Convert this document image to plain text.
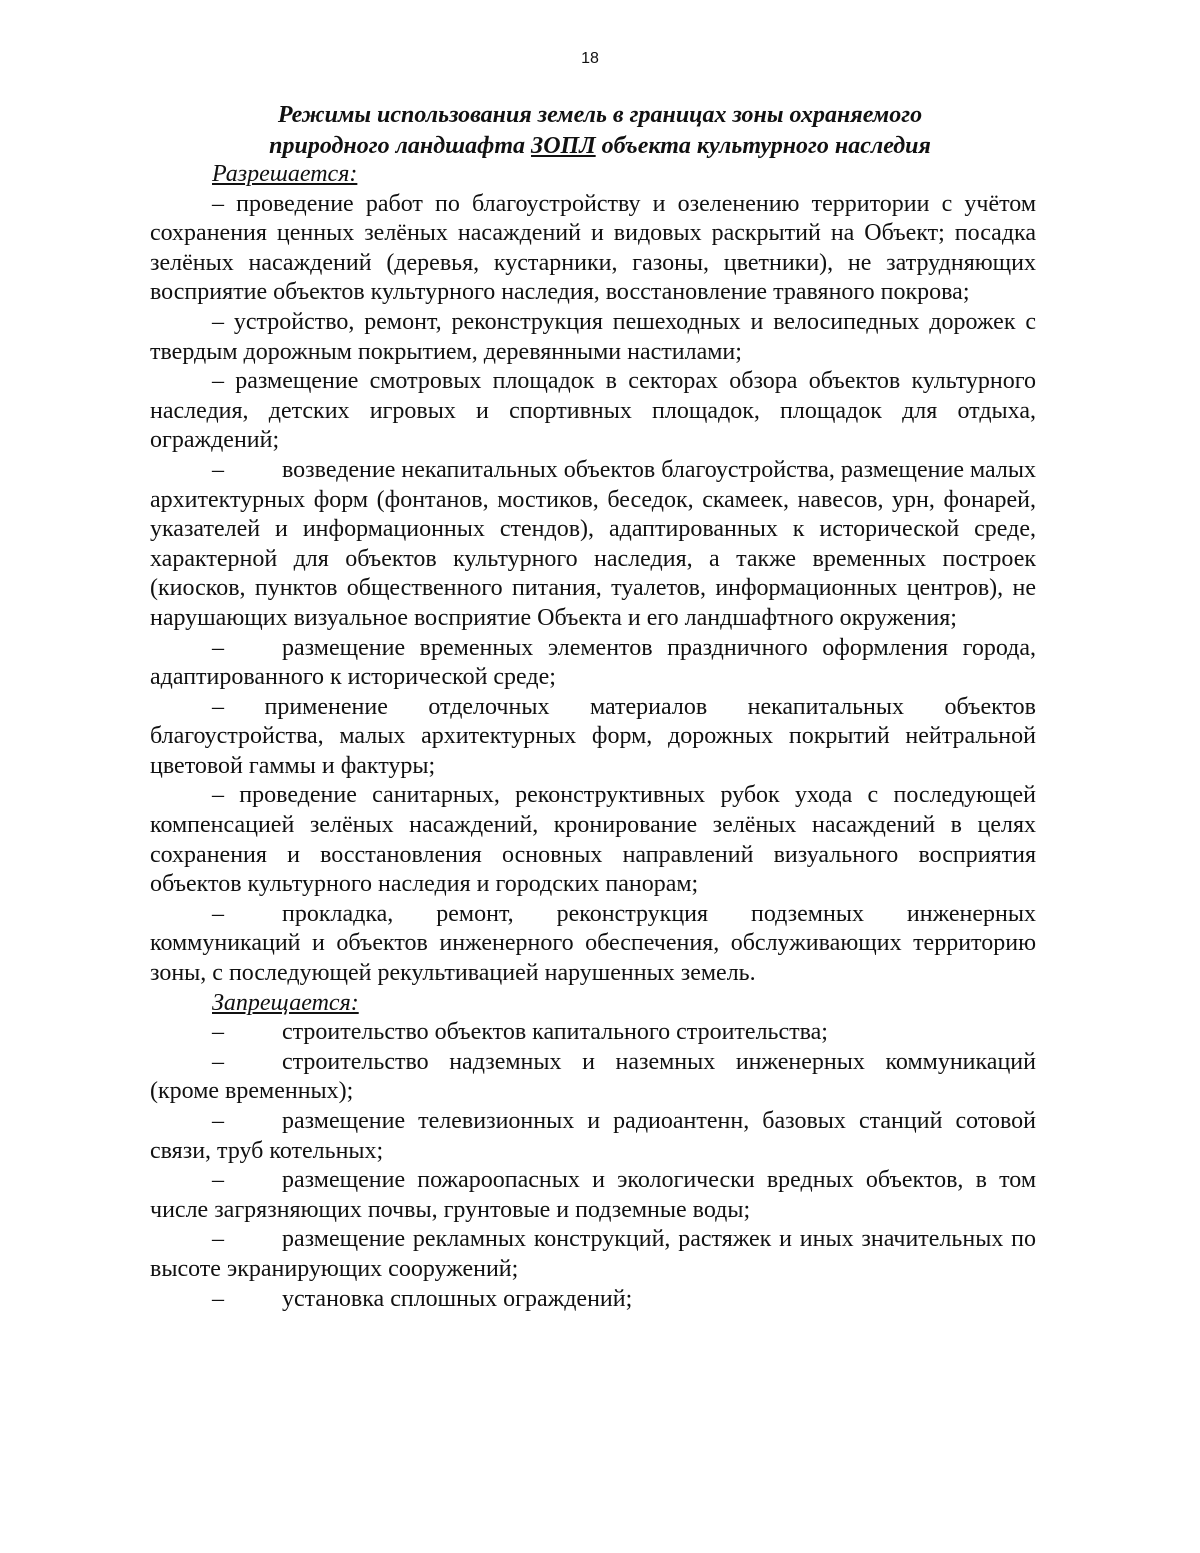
18
Режимы использования земель в границах зоны охраняемого
природного ландшафта ЗОПЛ объекта культурного наследия

Разрешается:

– проведение работ по благоустройству и озеленению территории с учётом сохранения ценных зелёных насаждений и видовых раскрытий на Объект; посадка зелёных насаждений (деревья, кустарники, газоны, цветники), не затрудняющих восприятие объектов культурного наследия, восстановление травяного покрова;

– устройство, ремонт, реконструкция пешеходных и велосипедных дорожек с твердым дорожным покрытием, деревянными настилами;

– размещение смотровых площадок в секторах обзора объектов культурного наследия, детских игровых и спортивных площадок, площадок для отдыха, ограждений;

– возведение некапитальных объектов благоустройства, размещение малых архитектурных форм (фонтанов, мостиков, беседок, скамеек, навесов, урн, фонарей, указателей и информационных стендов), адаптированных к исторической среде, характерной для объектов культурного наследия, а также временных построек (киосков, пунктов общественного питания, туалетов, информационных центров), не нарушающих визуальное восприятие Объекта и его ландшафтного окружения;

– размещение временных элементов праздничного оформления города, адаптированного к исторической среде;

– применение отделочных материалов некапитальных объектов благоустройства, малых архитектурных форм, дорожных покрытий нейтральной цветовой гаммы и фактуры;

– проведение санитарных, реконструктивных рубок ухода с последующей компенсацией зелёных насаждений, кронирование зелёных насаждений в целях сохранения и восстановления основных направлений визуального восприятия объектов культурного наследия и городских панорам;

– прокладка, ремонт, реконструкция подземных инженерных коммуникаций и объектов инженерного обеспечения, обслуживающих территорию зоны, с последующей рекультивацией нарушенных земель.

Запрещается:

– строительство объектов капитального строительства;

– строительство надземных и наземных инженерных коммуникаций (кроме временных);

– размещение телевизионных и радиоантенн, базовых станций сотовой связи, труб котельных;

– размещение пожароопасных и экологически вредных объектов, в том числе загрязняющих почвы, грунтовые и подземные воды;

– размещение рекламных конструкций, растяжек и иных значительных по высоте экранирующих сооружений;

– установка сплошных ограждений;
